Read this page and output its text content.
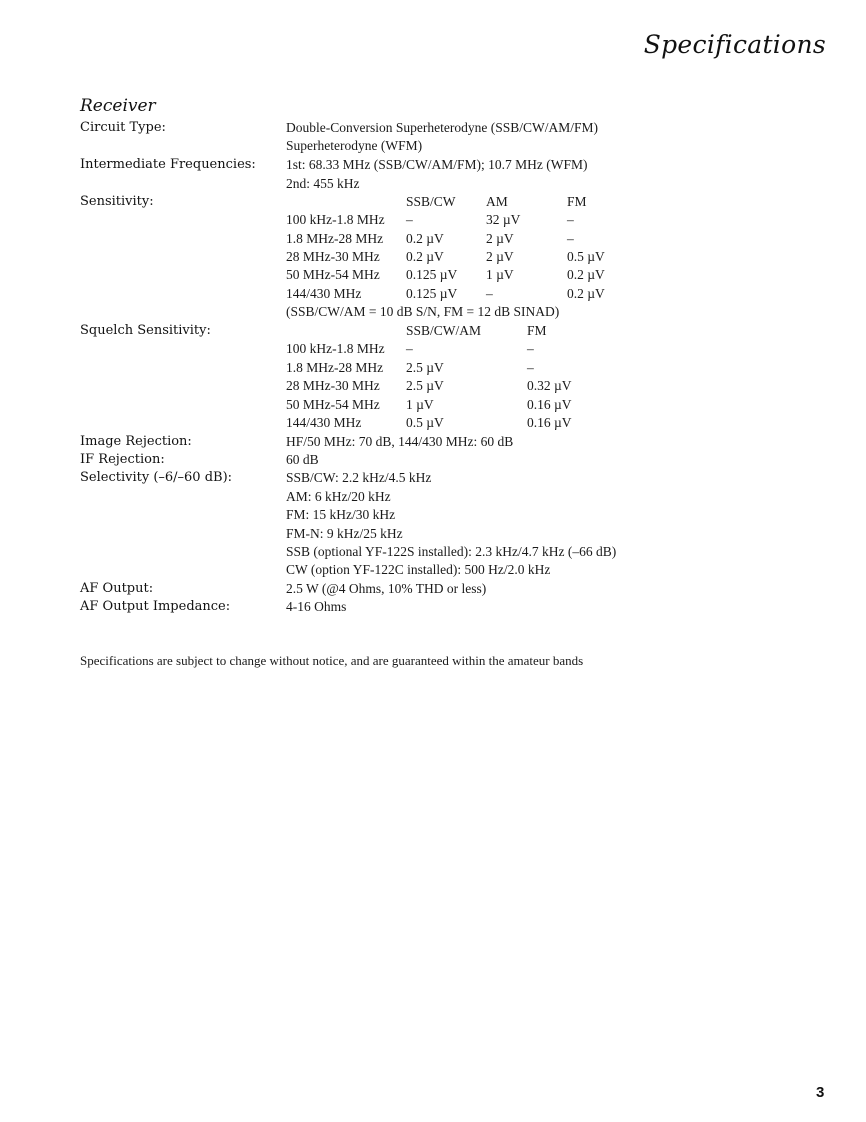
Specifications
Receiver
Circuit Type:	Double-Conversion Superheterodyne (SSB/CW/AM/FM)
Superheterodyne (WFM)
Intermediate Frequencies: 1st: 68.33 MHz (SSB/CW/AM/FM); 10.7 MHz (WFM)
2nd: 455 kHz
Sensitivity:	SSB/CW AM	FM
100 kHz-1.8 MHz –	32 µV	–
1.8 MHz-28 MHz 0.2 µV	2 µV	–
28 MHz-30 MHz 0.2 µV	2 µV	0.5 µV
50 MHz-54 MHz 0.125 µV 1 µV	0.2 µV
144/430 MHz	0.125 µV –	0.2 µV
(SSB/CW/AM = 10 dB S/N, FM = 12 dB SINAD)
Squelch Sensitivity:	SSB/CW/AM	FM
100 kHz-1.8 MHz –	–
1.8 MHz-28 MHz 2.5 µV	–
28 MHz-30 MHz 2.5 µV	0.32 µV
50 MHz-54 MHz 1 µV	0.16 µV
144/430 MHz	0.5 µV	0.16 µV
Image Rejection:	HF/50 MHz: 70 dB, 144/430 MHz: 60 dB
IF Rejection:	60 dB
Selectivity (–6/–60 dB):	SSB/CW: 2.2 kHz/4.5 kHz
AM: 6 kHz/20 kHz
FM: 15 kHz/30 kHz
FM-N: 9 kHz/25 kHz
SSB (optional YF-122S installed): 2.3 kHz/4.7 kHz (–66 dB)
CW (option YF-122C installed): 500 Hz/2.0 kHz
AF Output:	2.5 W (@4 Ohms, 10% THD or less)
AF Output Impedance:	4-16 Ohms
Specifications are subject to change without notice, and are guaranteed within the amateur bands
3
